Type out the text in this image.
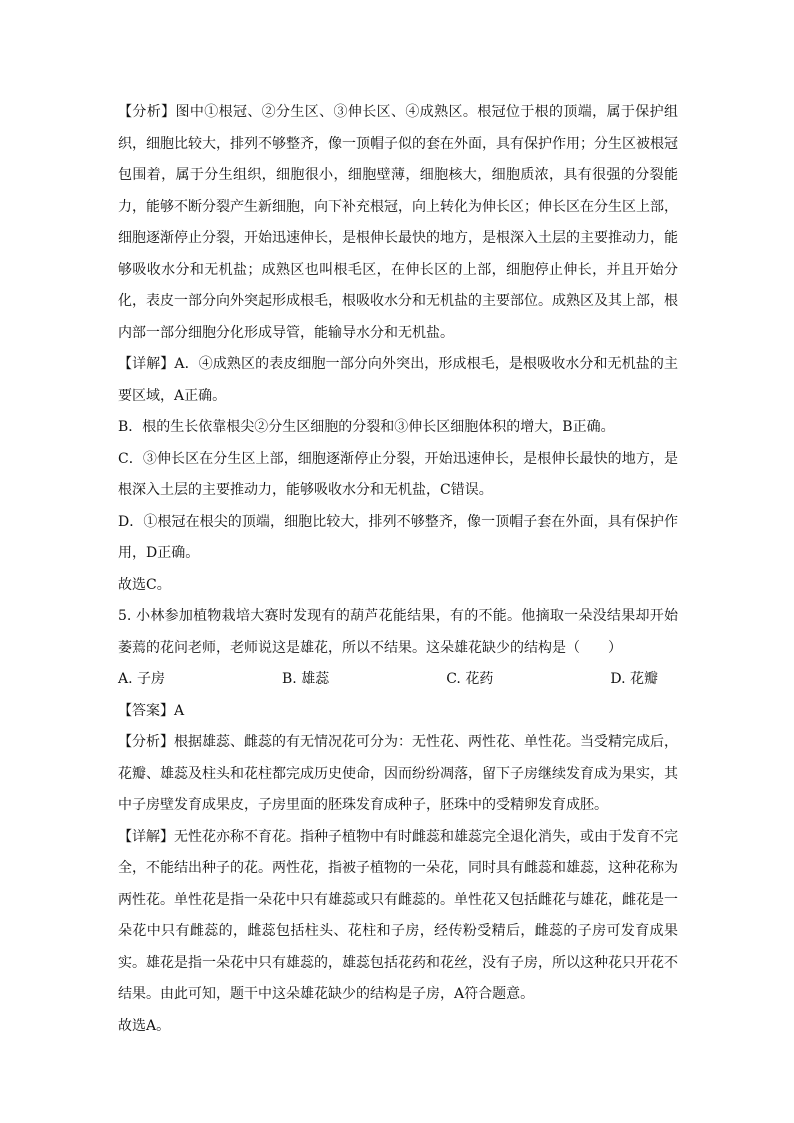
【分析】图中①根冠、②分生区、③伸长区、④成熟区。根冠位于根的顶端，属于保护组织，细胞比较大，排列不够整齐，像一顶帽子似的套在外面，具有保护作用；分生区被根冠包围着，属于分生组织，细胞很小，细胞壁薄，细胞核大，细胞质浓，具有很强的分裂能力，能够不断分裂产生新细胞，向下补充根冠，向上转化为伸长区；伸长区在分生区上部，细胞逐渐停止分裂，开始迅速伸长，是根伸长最快的地方，是根深入土层的主要推动力，能够吸收水分和无机盐；成熟区也叫根毛区，在伸长区的上部，细胞停止伸长，并且开始分化，表皮一部分向外突起形成根毛，根吸收水分和无机盐的主要部位。成熟区及其上部，根内部一部分细胞分化形成导管，能输导水分和无机盐。

【详解】A．④成熟区的表皮细胞一部分向外突出，形成根毛，是根吸收水分和无机盐的主要区域，A正确。

B．根的生长依靠根尖②分生区细胞的分裂和③伸长区细胞体积的增大，B正确。

C．③伸长区在分生区上部，细胞逐渐停止分裂，开始迅速伸长，是根伸长最快的地方，是根深入土层的主要推动力，能够吸收水分和无机盐，C错误。

D．①根冠在根尖的顶端，细胞比较大，排列不够整齐，像一顶帽子套在外面，具有保护作用，D正确。

故选C。

5. 小林参加植物栽培大赛时发现有的葫芦花能结果，有的不能。他摘取一朵没结果却开始萎蔫的花问老师，老师说这是雄花，所以不结果。这朵雄花缺少的结构是（　　）

A. 子房	B. 雄蕊	C. 花药	D. 花瓣

【答案】A

【分析】根据雄蕊、雌蕊的有无情况花可分为：无性花、两性花、单性花。当受精完成后，花瓣、雄蕊及柱头和花柱都完成历史使命，因而纷纷凋落，留下子房继续发育成为果实，其中子房壁发育成果皮，子房里面的胚珠发育成种子，胚珠中的受精卵发育成胚。

【详解】无性花亦称不育花。指种子植物中有时雌蕊和雄蕊完全退化消失，或由于发育不完全，不能结出种子的花。两性花，指被子植物的一朵花，同时具有雌蕊和雄蕊，这种花称为两性花。单性花是指一朵花中只有雄蕊或只有雌蕊的。单性花又包括雌花与雄花，雌花是一朵花中只有雌蕊的，雌蕊包括柱头、花柱和子房，经传粉受精后，雌蕊的子房可发育成果实。雄花是指一朵花中只有雄蕊的，雄蕊包括花药和花丝，没有子房，所以这种花只开花不结果。由此可知，题干中这朵雄花缺少的结构是子房，A符合题意。

故选A。
